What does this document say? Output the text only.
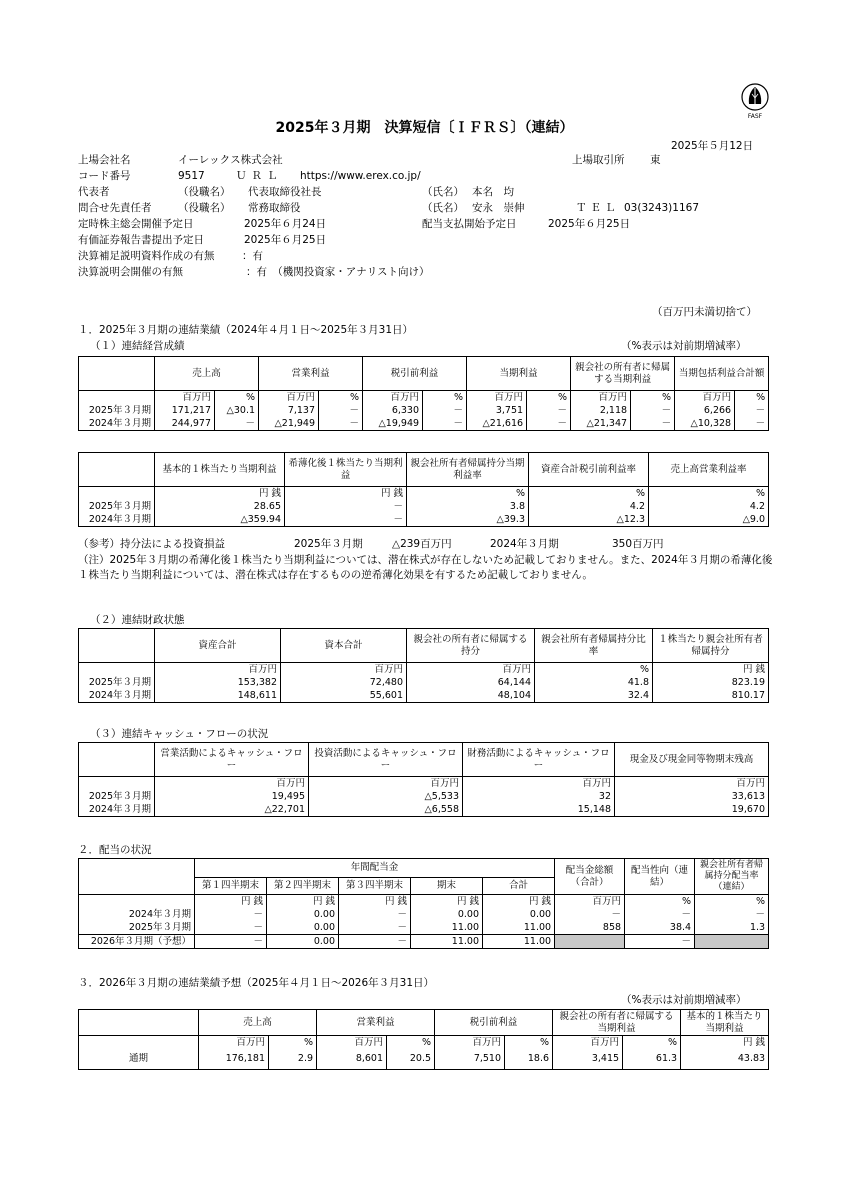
2025年３月期　決算短信〔ＩＦＲＳ〕（連結）
FASF
2025年５月12日
上場会社名	イーレックス株式会社	上場取引所 東
コード番号	9517	ＵＲＬ https://www.erex.co.jp/
代表者	（役職名） 代表取締役社長	（氏名） 本名　均
問合せ先責任者	（役職名） 常務取締役	（氏名） 安永　崇伸	ＴＥＬ 03(3243)1167
定時株主総会開催予定日	2025年６月24日	配当支払開始予定日	2025年６月25日
有価証券報告書提出予定日	2025年６月25日
決算補足説明資料作成の有無	：有
決算説明会開催の有無	：有　（機関投資家・アナリスト向け）
（百万円未満切捨て）
１．2025年３月期の連結業績（2024年４月１日～2025年３月31日）
（１）連結経営成績	（%表示は対前期増減率）
	売上高		営業利益		税引前利益		当期利益		親会社の所有者に帰属する当期利益		当期包括利益合計額	
	百万円	%	百万円	%	百万円	%	百万円	%	百万円	%	百万円	%
2025年３月期	171,217	△30.1	7,137	－	6,330	－	3,751	－	2,118	－	6,266	－
2024年３月期	244,977	－	△21,949	－	△19,949	－	△21,616	－	△21,347	－	△10,328	－
	基本的１株当たり当期利益	希薄化後１株当たり当期利益	親会社所有者帰属持分当期利益率	資産合計税引前利益率	売上高営業利益率
	円 銭	円 銭	%	%	%
2025年３月期	28.65	－	3.8	4.2	4.2
2024年３月期	△359.94	－	△39.3	△12.3	△9.0
（参考）持分法による投資損益	2025年３月期	△239百万円	2024年３月期	350百万円
（注）2025年３月期の希薄化後１株当たり当期利益については、潜在株式が存在しないため記載しておりません。また、2024年３月期の希薄化後１株当たり当期利益については、潜在株式は存在するものの逆希薄化効果を有するため記載しておりません。
（２）連結財政状態
	資産合計	資本合計	親会社の所有者に帰属する持分	親会社所有者帰属持分比率	１株当たり親会社所有者帰属持分
	百万円	百万円	百万円	%	円 銭
2025年３月期	153,382	72,480	64,144	41.8	823.19
2024年３月期	148,611	55,601	48,104	32.4	810.17
（３）連結キャッシュ・フローの状況
	営業活動によるキャッシュ・フロー	投資活動によるキャッシュ・フロー	財務活動によるキャッシュ・フロー	現金及び現金同等物期末残高
	百万円	百万円	百万円	百万円
2025年３月期	19,495	△5,533	32	33,613
2024年３月期	△22,701	△6,558	15,148	19,670
２．配当の状況
	年間配当金					配当金総額（合計）	配当性向（連結）	親会社所有者帰属持分配当率（連結）
	第１四半期末	第２四半期末	第３四半期末	期末	合計			
	円 銭	円 銭	円 銭	円 銭	円 銭	百万円	%	%
2024年３月期	－	0.00	－	0.00	0.00	－	－	－
2025年３月期	－	0.00	－	11.00	11.00	858	38.4	1.3
2026年３月期（予想）	－	0.00	－	11.00	11.00		－	
３．2026年３月期の連結業績予想（2025年４月１日～2026年３月31日）
（%表示は対前期増減率）
	売上高		営業利益		税引前利益		親会社の所有者に帰属する当期利益		基本的１株当たり当期利益
	百万円	%	百万円	%	百万円	%	百万円	%	円 銭
通期	176,181	2.9	8,601	20.5	7,510	18.6	3,415	61.3	43.83
